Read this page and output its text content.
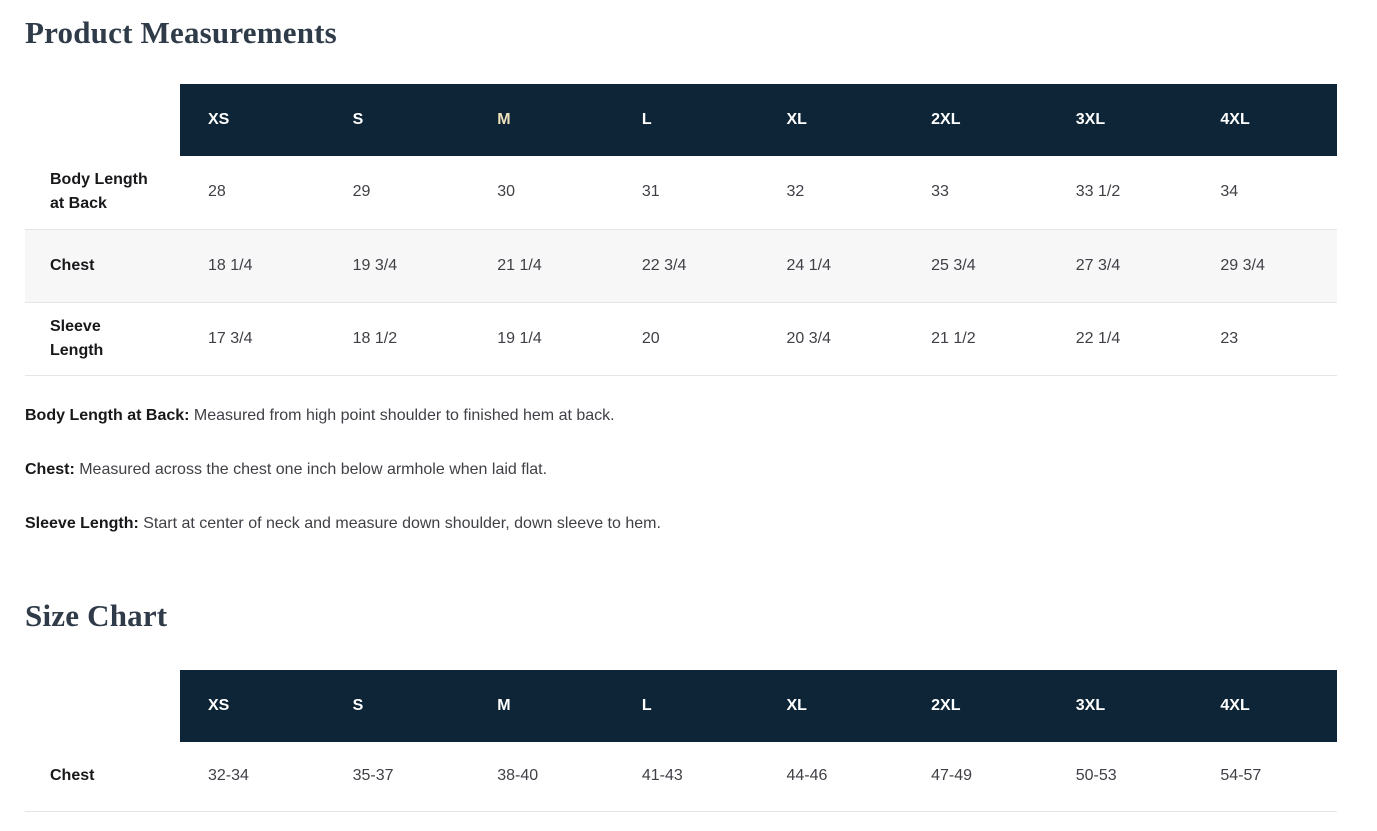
Product Measurements
	XS	S	M	L	XL	2XL	3XL	4XL

Body Length
at Back	28	29	30	31	32	33	33 1/2	34

Chest	18 1/4	19 3/4	21 1/4	22 3/4	24 1/4	25 3/4	27 3/4	29 3/4

Sleeve
Length	17 3/4	18 1/2	19 1/4	20	20 3/4	21 1/2	22 1/4	23

Body Length at Back: Measured from high point shoulder to finished hem at back.

Chest: Measured across the chest one inch below armhole when laid flat.

Sleeve Length: Start at center of neck and measure down shoulder, down sleeve to hem.

Size Chart
	XS	S	M	L	XL	2XL	3XL	4XL

Chest	32-34	35-37	38-40	41-43	44-46	47-49	50-53	54-57
